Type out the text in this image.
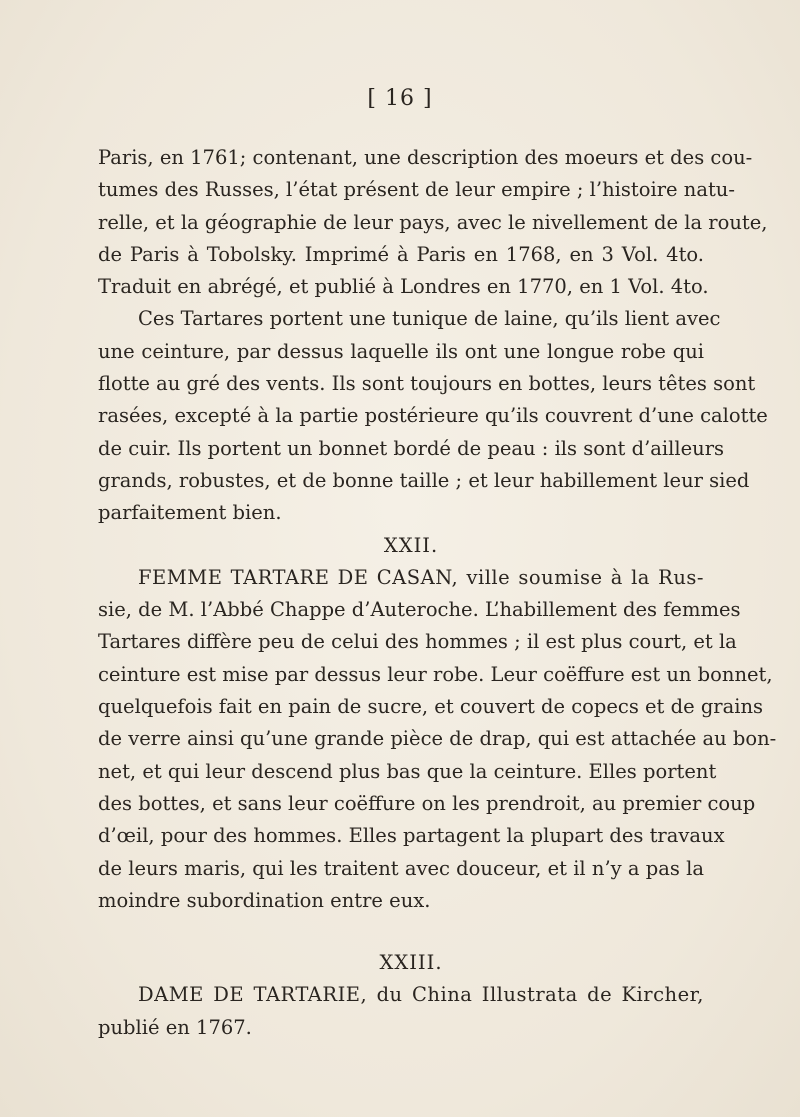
[ 16 ]
Paris, en 1761; contenant, une description des moeurs et des cou-
tumes des Russes, l’état présent de leur empire ; l’histoire natu-
relle, et la géographie de leur pays, avec le nivellement de la route,
de Paris à Tobolsky. Imprimé à Paris en 1768, en 3 Vol. 4to.
Traduit en abrégé, et publié à Londres en 1770, en 1 Vol. 4to.
Ces Tartares portent une tunique de laine, qu’ils lient avec
une ceinture, par dessus laquelle ils ont une longue robe qui
flotte au gré des vents. Ils sont toujours en bottes, leurs têtes sont
rasées, excepté à la partie postérieure qu’ils couvrent d’une calotte
de cuir. Ils portent un bonnet bordé de peau : ils sont d’ailleurs
grands, robustes, et de bonne taille ; et leur habillement leur sied
parfaitement bien.
XXII.
FEMME TARTARE DE CASAN, ville soumise à la Rus-
sie, de M. l’Abbé Chappe d’Auteroche. L’habillement des femmes
Tartares diffère peu de celui des hommes ; il est plus court, et la
ceinture est mise par dessus leur robe. Leur coëffure est un bonnet,
quelquefois fait en pain de sucre, et couvert de copecs et de grains
de verre ainsi qu’une grande pièce de drap, qui est attachée au bon-
net, et qui leur descend plus bas que la ceinture. Elles portent
des bottes, et sans leur coëffure on les prendroit, au premier coup
d’œil, pour des hommes. Elles partagent la plupart des travaux
de leurs maris, qui les traitent avec douceur, et il n’y a pas la
moindre subordination entre eux.
XXIII.
DAME DE TARTARIE, du China Illustrata de Kircher,
publié en 1767.
